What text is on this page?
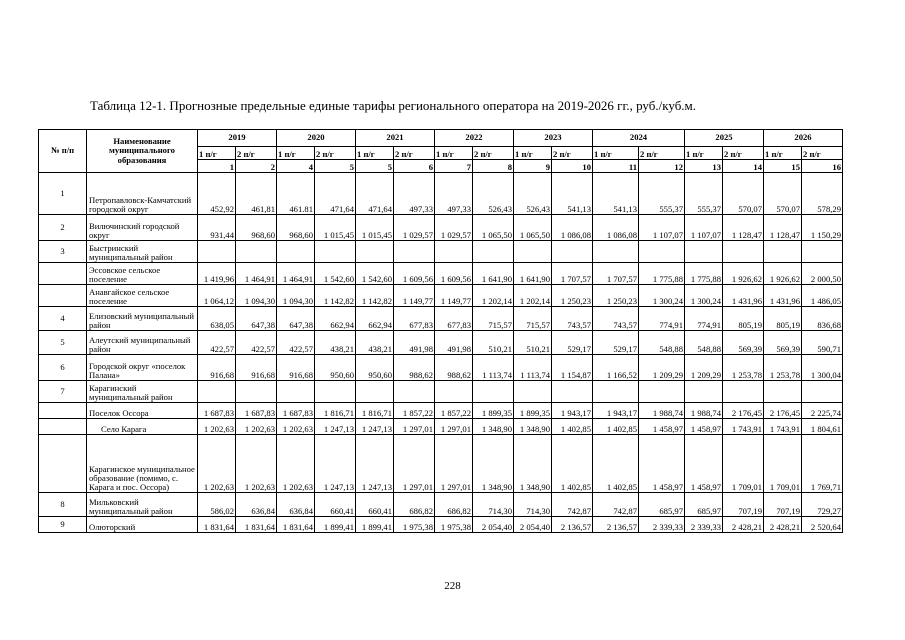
Таблица 12-1. Прогнозные предельные единые тарифы регионального оператора на 2019-2026 гг., руб./куб.м.
№ п/п	Наименование муниципального образования	2019		2020		2021		2022		2023		2024		2025		2026	
		1 п/г	2 п/г	1 п/г	2 п/г	1 п/г	2 п/г	1 п/г	2 п/г	1 п/г	2 п/г	1 п/г	2 п/г	1 п/г	2 п/г	1 п/г	2 п/г
		1	2	4	5	5	6	7	8	9	10	11	12	13	14	15	16
1	Петропавловск-Камчатский городской округ	452,92	461,81	461.81	471,64	471,64	497,33	497,33	526,43	526,43	541,13	541,13	555,37	555,37	570,07	570,07	578,29
2	Вилючинский городской округ	931,44	968,60	968,60	1 015,45	1 015,45	1 029,57	1 029,57	1 065,50	1 065,50	1 086,08	1 086,08	1 107,07	1 107,07	1 128,47	1 128,47	1 150,29
3	Быстринский муниципальный район																
	Эссовское сельское поселение	1 419,96	1 464,91	1 464,91	1 542,60	1 542,60	1 609,56	1 609,56	1 641,90	1 641,90	1 707,57	1 707,57	1 775,88	1 775,88	1 926,62	1 926,62	2 000,50
	Анавгайское сельское поселение	1 064,12	1 094,30	1 094,30	1 142,82	1 142,82	1 149,77	1 149,77	1 202,14	1 202,14	1 250,23	1 250,23	1 300,24	1 300,24	1 431,96	1 431,96	1 486,05
4	Елизовский муниципальный район	638,05	647,38	647,38	662,94	662,94	677,83	677,83	715,57	715,57	743,57	743,57	774,91	774,91	805,19	805,19	836,68
5	Алеутский муниципальный район	422,57	422,57	422,57	438,21	438,21	491,98	491,98	510,21	510,21	529,17	529,17	548,88	548,88	569,39	569,39	590,71
6	Городской округ «поселок Палана»	916,68	916,68	916,68	950,60	950,60	988,62	988,62	1 113,74	1 113,74	1 154,87	1 166,52	1 209,29	1 209,29	1 253,78	1 253,78	1 300,04
7	Карагинский муниципальный район																
	Поселок Оссора	1 687,83	1 687,83	1 687,83	1 816,71	1 816,71	1 857,22	1 857,22	1 899,35	1 899,35	1 943,17	1 943,17	1 988,74	1 988,74	2 176,45	2 176,45	2 225,74
	Село Карага	1 202,63	1 202,63	1 202,63	1 247,13	1 247,13	1 297,01	1 297,01	1 348,90	1 348,90	1 402,85	1 402,85	1 458,97	1 458,97	1 743,91	1 743,91	1 804,61
	Карагинское муниципальное образование (помимо, с. Карага и пос. Оссора)	1 202,63	1 202,63	1 202,63	1 247,13	1 247,13	1 297,01	1 297,01	1 348,90	1 348,90	1 402,85	1 402,85	1 458,97	1 458,97	1 709,01	1 709,01	1 769,71
8	Мильковский муниципальный район	586,02	636,84	636,84	660,41	660,41	686,82	686,82	714,30	714,30	742,87	742,87	685,97	685,97	707,19	707,19	729,27
9	Олюторский	1 831,64	1 831,64	1 831,64	1 899,41	1 899,41	1 975,38	1 975,38	2 054,40	2 054,40	2 136,57	2 136,57	2 339,33	2 339,33	2 428,21	2 428,21	2 520,64
228
